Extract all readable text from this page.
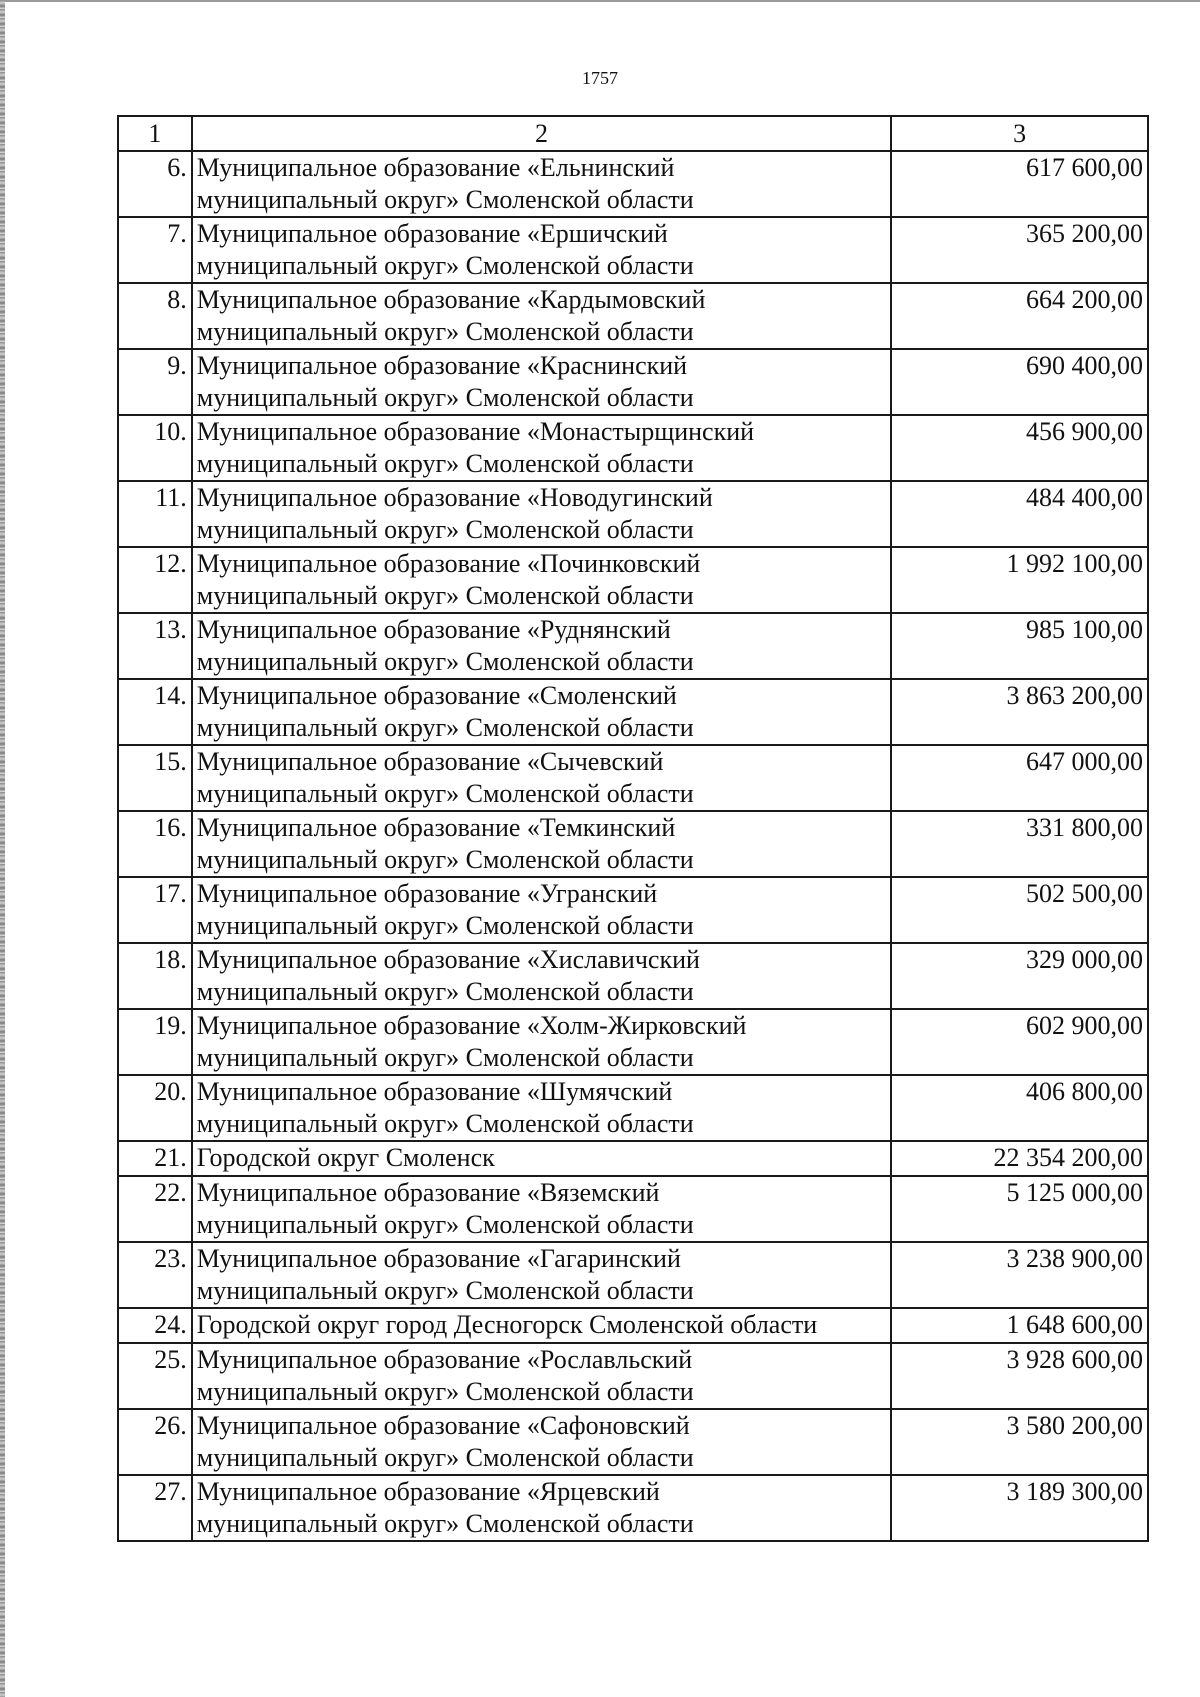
1757
1	2	3
6.	Муниципальное образование «Ельнинский
муниципальный округ» Смоленской области	617 600,00
7.	Муниципальное образование «Ершичский
муниципальный округ» Смоленской области	365 200,00
8.	Муниципальное образование «Кардымовский
муниципальный округ» Смоленской области	664 200,00
9.	Муниципальное образование «Краснинский
муниципальный округ» Смоленской области	690 400,00
10.	Муниципальное образование «Монастырщинский
муниципальный округ» Смоленской области	456 900,00
11.	Муниципальное образование «Новодугинский
муниципальный округ» Смоленской области	484 400,00
12.	Муниципальное образование «Починковский
муниципальный округ» Смоленской области	1 992 100,00
13.	Муниципальное образование «Руднянский
муниципальный округ» Смоленской области	985 100,00
14.	Муниципальное образование «Смоленский
муниципальный округ» Смоленской области	3 863 200,00
15.	Муниципальное образование «Сычевский
муниципальный округ» Смоленской области	647 000,00
16.	Муниципальное образование «Темкинский
муниципальный округ» Смоленской области	331 800,00
17.	Муниципальное образование «Угранский
муниципальный округ» Смоленской области	502 500,00
18.	Муниципальное образование «Хиславичский
муниципальный округ» Смоленской области	329 000,00
19.	Муниципальное образование «Холм-Жирковский
муниципальный округ» Смоленской области	602 900,00
20.	Муниципальное образование «Шумячский
муниципальный округ» Смоленской области	406 800,00
21.	Городской округ Смоленск	22 354 200,00
22.	Муниципальное образование «Вяземский
муниципальный округ» Смоленской области	5 125 000,00
23.	Муниципальное образование «Гагаринский
муниципальный округ» Смоленской области	3 238 900,00
24.	Городской округ город Десногорск Смоленской области	1 648 600,00
25.	Муниципальное образование «Рославльский
муниципальный округ» Смоленской области	3 928 600,00
26.	Муниципальное образование «Сафоновский
муниципальный округ» Смоленской области	3 580 200,00
27.	Муниципальное образование «Ярцевский
муниципальный округ» Смоленской области	3 189 300,00
